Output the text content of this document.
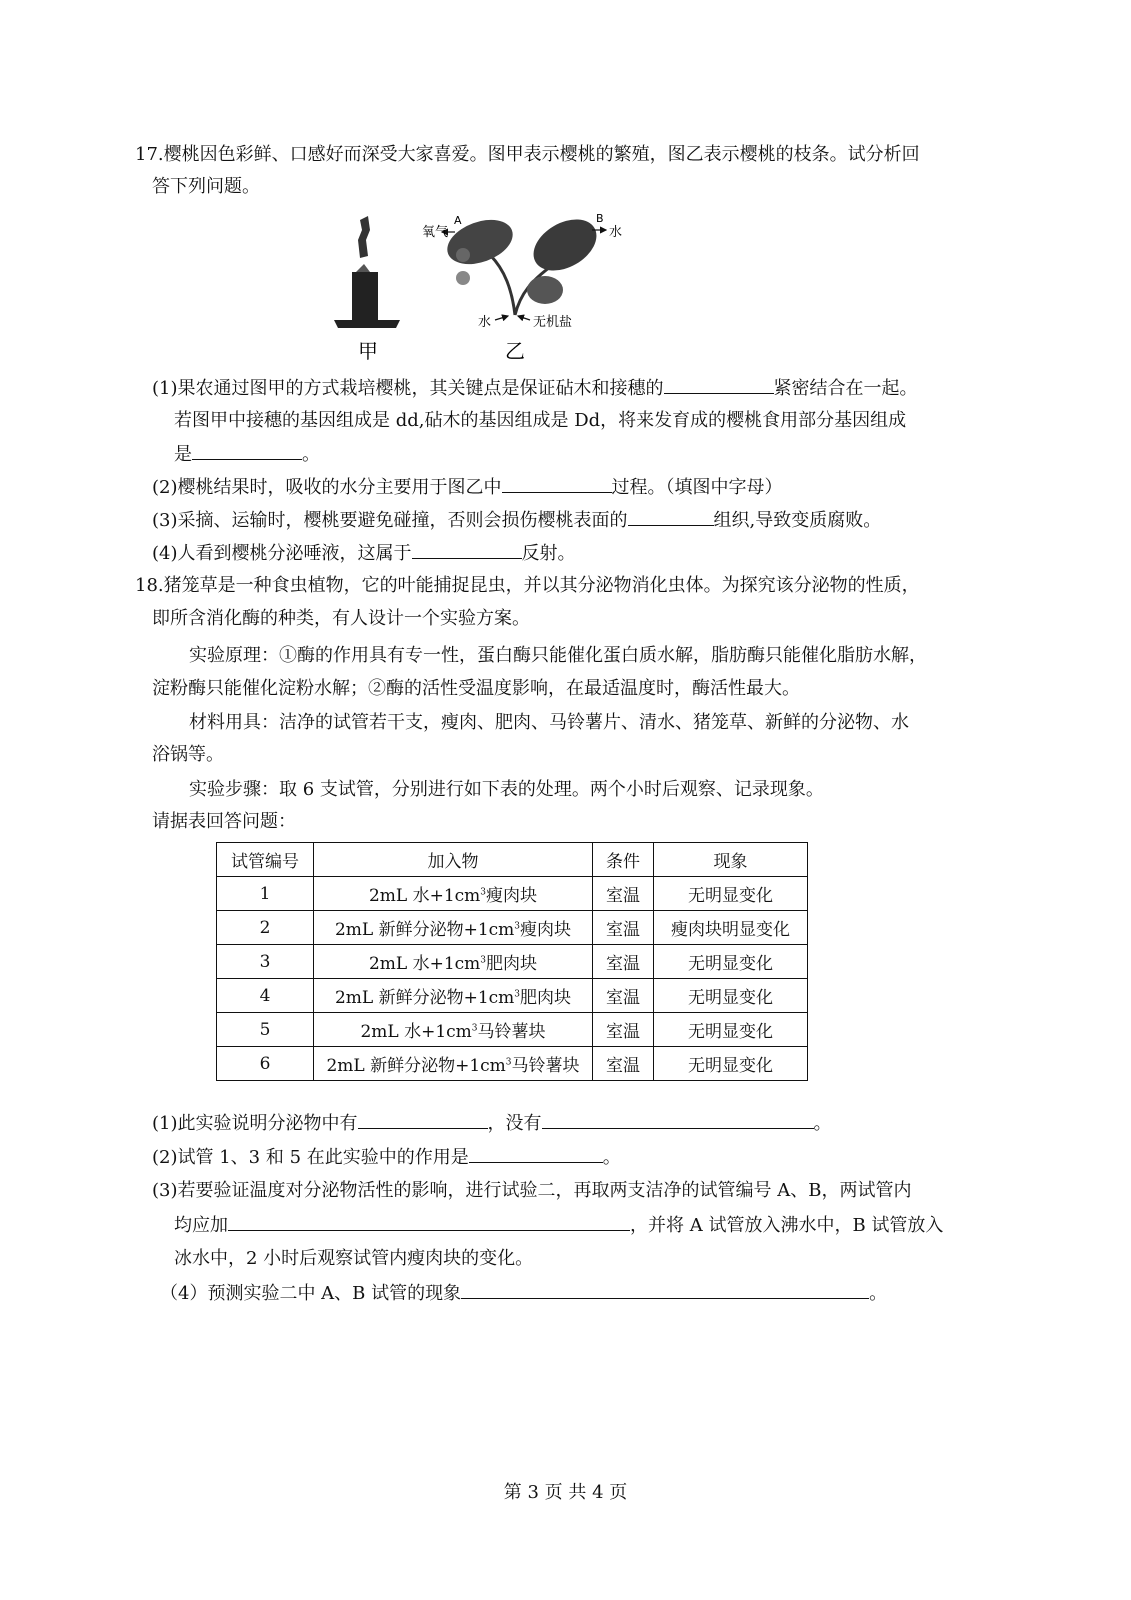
17.樱桃因色彩鲜、口感好而深受大家喜爱。图甲表示樱桃的繁殖，图乙表示樱桃的枝条。试分析回
答下列问题。
氧气
A	B
水
水	无机盐
甲	乙
(1)果农通过图甲的方式栽培樱桃，其关键点是保证砧木和接穗的	紧密结合在一起。
若图甲中接穗的基因组成是 dd,砧木的基因组成是 Dd，将来发育成的樱桃食用部分基因组成
是	。
(2)樱桃结果时，吸收的水分主要用于图乙中	过程。（填图中字母）
(3)采摘、运输时，樱桃要避免碰撞，否则会损伤樱桃表面的	组织,导致变质腐败。
(4)人看到樱桃分泌唾液，这属于	反射。
18.猪笼草是一种食虫植物，它的叶能捕捉昆虫，并以其分泌物消化虫体。为探究该分泌物的性质，
即所含消化酶的种类，有人设计一个实验方案。
实验原理：①酶的作用具有专一性，蛋白酶只能催化蛋白质水解，脂肪酶只能催化脂肪水解，
淀粉酶只能催化淀粉水解；②酶的活性受温度影响，在最适温度时，酶活性最大。
材料用具：洁净的试管若干支，瘦肉、肥肉、马铃薯片、清水、猪笼草、新鲜的分泌物、水
浴锅等。
实验步骤：取 6 支试管，分别进行如下表的处理。两个小时后观察、记录现象。
请据表回答问题：
试管编号	加入物	条件	现象
1	2mL 水$+1cm^3$瘦肉块	室温	无明显变化
2	2mL 新鲜分泌物$+1cm^3$瘦肉块	室温	瘦肉块明显变化
3	2mL 水$+1cm^3$肥肉块	室温	无明显变化
4	2mL 新鲜分泌物$+1cm^3$肥肉块	室温	无明显变化
5	2mL 水$+1cm^3$马铃薯块	室温	无明显变化
6	2mL 新鲜分泌物$+1cm^3$马铃薯块	室温	无明显变化
(1)此实验说明分泌物中有	，没有	。
(2)试管 1、3 和 5 在此实验中的作用是	。
(3)若要验证温度对分泌物活性的影响，进行试验二，再取两支洁净的试管编号 A、B，两试管内
均应加	，并将 A 试管放入沸水中，B 试管放入
冰水中，2 小时后观察试管内瘦肉块的变化。
（4）预测实验二中 A、B 试管的现象	。
第 3 页 共 4 页
